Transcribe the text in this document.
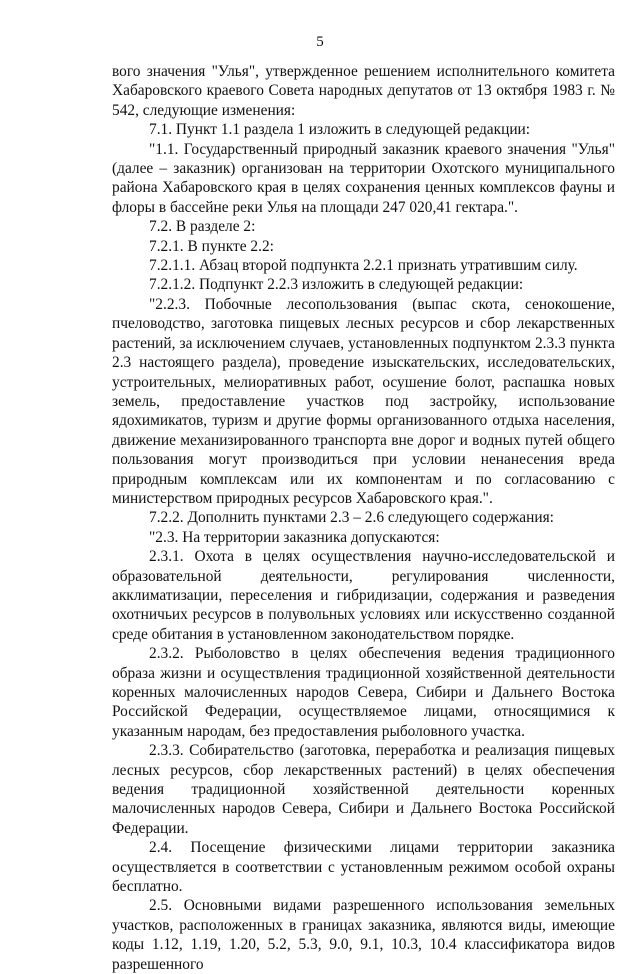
5

вого значения "Улья", утвержденное решением исполнительного комитета Хабаровского краевого Совета народных депутатов от 13 октября 1983 г. № 542, следующие изменения:

7.1. Пункт 1.1 раздела 1 изложить в следующей редакции:

"1.1. Государственный природный заказник краевого значения "Улья" (далее – заказник) организован на территории Охотского муниципального района Хабаровского края в целях сохранения ценных комплексов фауны и флоры в бассейне реки Улья на площади 247 020,41 гектара.".

7.2. В разделе 2:

7.2.1. В пункте 2.2:

7.2.1.1. Абзац второй подпункта 2.2.1 признать утратившим силу.

7.2.1.2. Подпункт 2.2.3 изложить в следующей редакции:

"2.2.3. Побочные лесопользования (выпас скота, сенокошение, пчеловодство, заготовка пищевых лесных ресурсов и сбор лекарственных растений, за исключением случаев, установленных подпунктом 2.3.3 пункта 2.3 настоящего раздела), проведение изыскательских, исследовательских, устроительных, мелиоративных работ, осушение болот, распашка новых земель, предоставление участков под застройку, использование ядохимикатов, туризм и другие формы организованного отдыха населения, движение механизированного транспорта вне дорог и водных путей общего пользования могут производиться при условии ненанесения вреда природным комплексам или их компонентам и по согласованию с министерством природных ресурсов Хабаровского края.".

7.2.2. Дополнить пунктами 2.3 – 2.6 следующего содержания:

"2.3. На территории заказника допускаются:

2.3.1. Охота в целях осуществления научно-исследовательской и образовательной деятельности, регулирования численности, акклиматизации, переселения и гибридизации, содержания и разведения охотничьих ресурсов в полувольных условиях или искусственно созданной среде обитания в установленном законодательством порядке.

2.3.2. Рыболовство в целях обеспечения ведения традиционного образа жизни и осуществления традиционной хозяйственной деятельности коренных малочисленных народов Севера, Сибири и Дальнего Востока Российской Федерации, осуществляемое лицами, относящимися к указанным народам, без предоставления рыболовного участка.

2.3.3. Собирательство (заготовка, переработка и реализация пищевых лесных ресурсов, сбор лекарственных растений) в целях обеспечения ведения традиционной хозяйственной деятельности коренных малочисленных народов Севера, Сибири и Дальнего Востока Российской Федерации.

2.4. Посещение физическими лицами территории заказника осуществляется в соответствии с установленным режимом особой охраны бесплатно.

2.5. Основными видами разрешенного использования земельных участков, расположенных в границах заказника, являются виды, имеющие коды 1.12, 1.19, 1.20, 5.2, 5.3, 9.0, 9.1, 10.3, 10.4 классификатора видов разрешенного
